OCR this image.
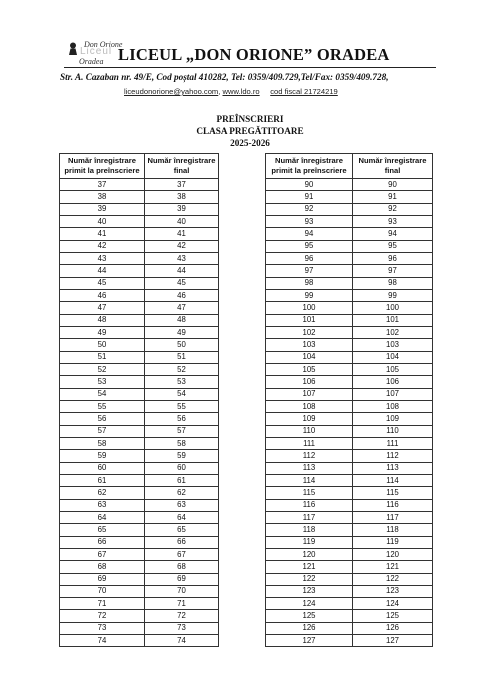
Don Orione
Liceul
Oradea LICEUL „DON ORIONE” ORADEA
Str. A. Cazaban nr. 49/E, Cod poștal 410282, Tel: 0359/409.729,Tel/Fax: 0359/409.728,
liceudonorione@yahoo.com, www.ldo.ro cod fiscal 21724219
PREÎNSCRIERI
CLASA PREGĂTITOARE
2025-2026
Număr înregistrare primit la preînscriere	Număr înregistrare final
37	37
38	38
39	39
40	40
41	41
42	42
43	43
44	44
45	45
46	46
47	47
48	48
49	49
50	50
51	51
52	52
53	53
54	54
55	55
56	56
57	57
58	58
59	59
60	60
61	61
62	62
63	63
64	64
65	65
66	66
67	67
68	68
69	69
70	70
71	71
72	72
73	73
74	74
Număr înregistrare primit la preînscriere	Număr înregistrare final
90	90
91	91
92	92
93	93
94	94
95	95
96	96
97	97
98	98
99	99
100	100
101	101
102	102
103	103
104	104
105	105
106	106
107	107
108	108
109	109
110	110
111	111
112	112
113	113
114	114
115	115
116	116
117	117
118	118
119	119
120	120
121	121
122	122
123	123
124	124
125	125
126	126
127	127
